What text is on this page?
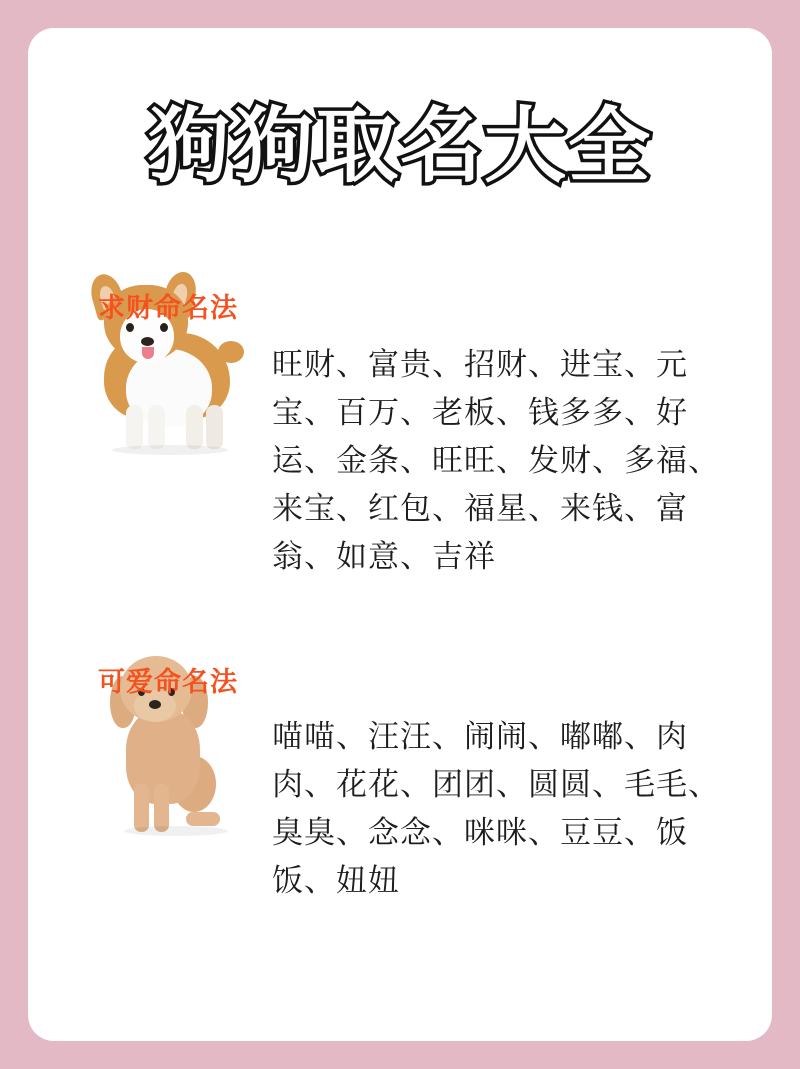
狗狗取名大全
旺财、富贵、招财、进宝、元宝、百万、老板、钱多多、好运、金条、旺旺、发财、多福、来宝、红包、福星、来钱、富翁、如意、吉祥
求财命名法
喵喵、汪汪、闹闹、嘟嘟、肉肉、花花、团团、圆圆、毛毛、臭臭、念念、咪咪、豆豆、饭饭、妞妞
可爱命名法
